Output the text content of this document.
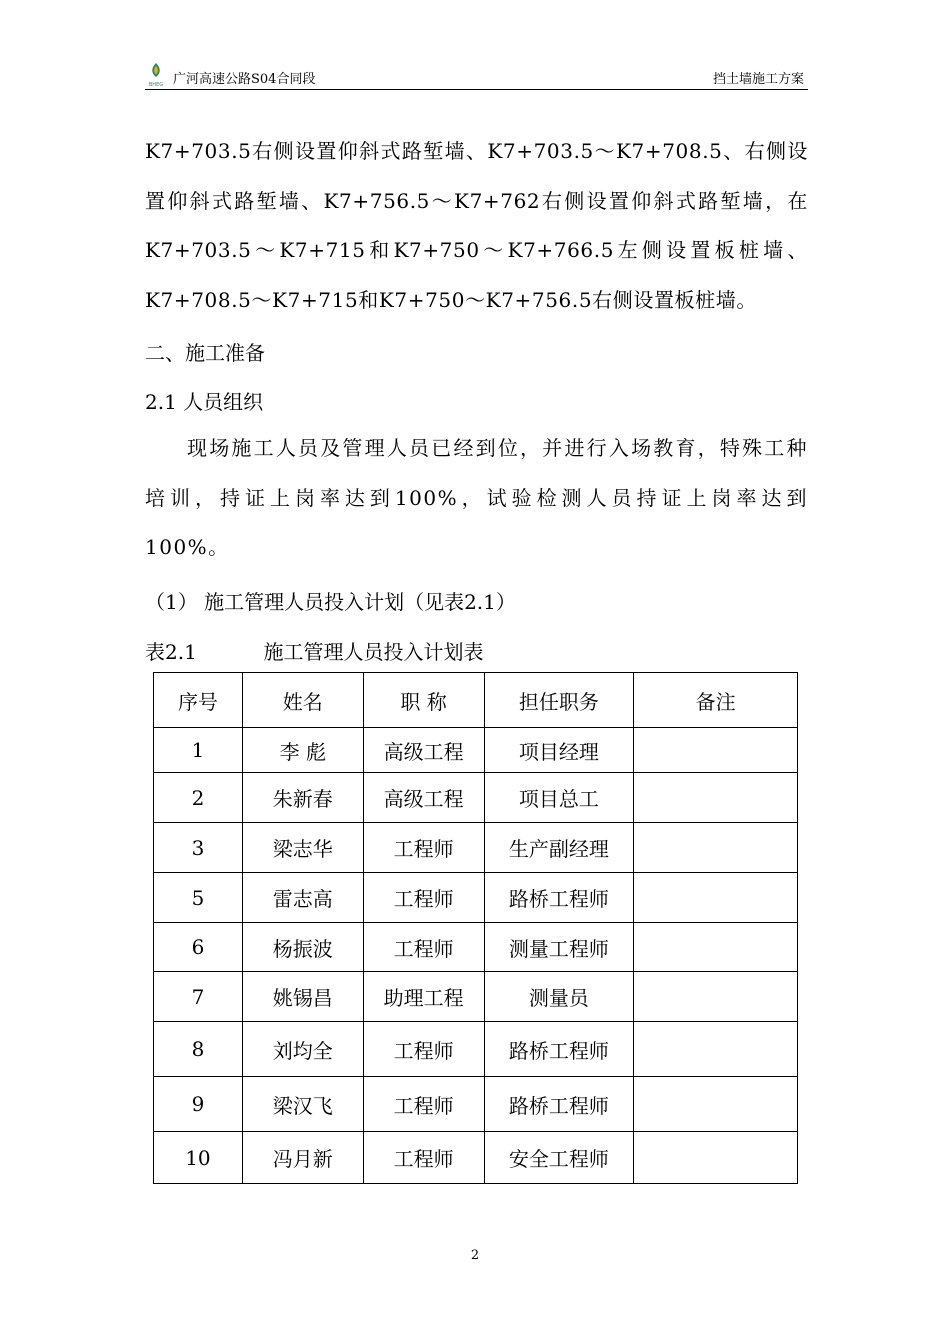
BHEG 广河高速公路S04合同段	挡土墙施工方案
K7+703.5右侧设置仰斜式路堑墙、K7+703.5～K7+708.5、右侧设置仰斜式路堑墙、K7+756.5～K7+762右侧设置仰斜式路堑墙，在K7+703.5～K7+715和K7+750～K7+766.5左侧设置板桩墙、K7+708.5～K7+715和K7+750～K7+756.5右侧设置板桩墙。
二、施工准备
2.1 人员组织
现场施工人员及管理人员已经到位，并进行入场教育，特殊工种培训，持证上岗率达到100%，试验检测人员持证上岗率达到100%。
（1） 施工管理人员投入计划（见表2.1）
表2.1	施工管理人员投入计划表
序号	姓名	职 称	担任职务	备注
1	李 彪	高级工程	项目经理	
2	朱新春	高级工程	项目总工	
3	梁志华	工程师	生产副经理	
5	雷志高	工程师	路桥工程师	
6	杨振波	工程师	测量工程师	
7	姚锡昌	助理工程	测量员	
8	刘均全	工程师	路桥工程师	
9	梁汉飞	工程师	路桥工程师	
10	冯月新	工程师	安全工程师	
2
